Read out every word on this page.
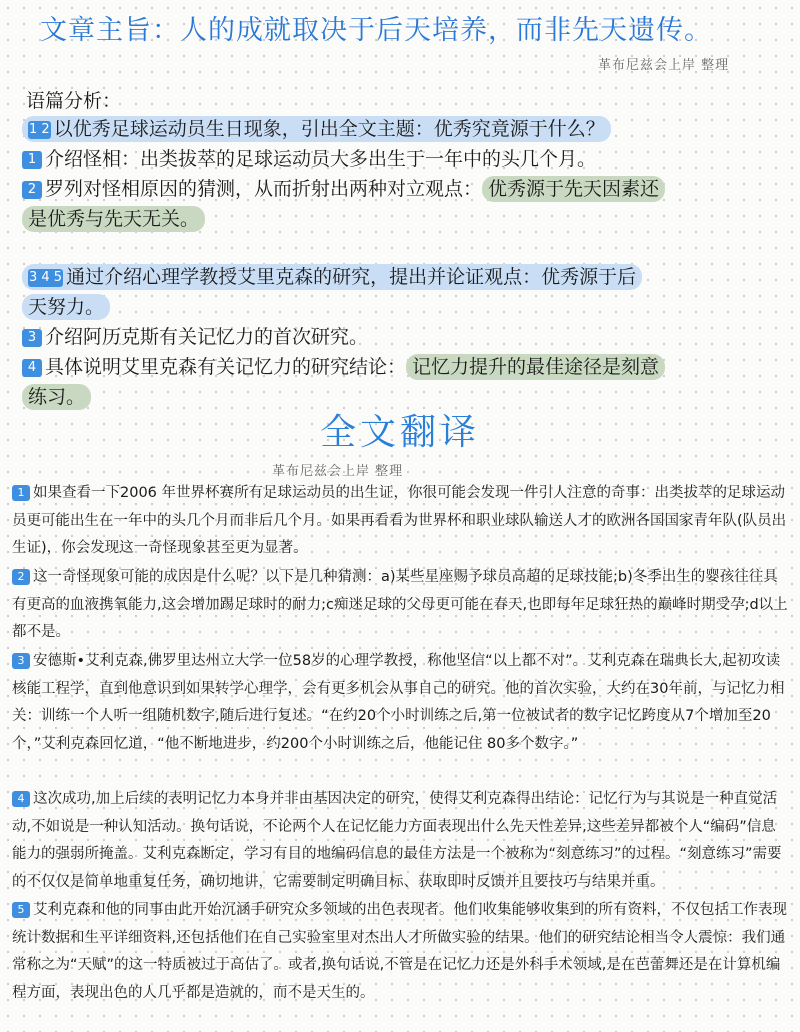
文章主旨：人的成就取决于后天培养，而非先天遗传。
革布尼兹会上岸 整理
语篇分析：
1 2 以优秀足球运动员生日现象，引出全文主题：优秀究竟源于什么？
1 介绍怪相：出类拔萃的足球运动员大多出生于一年中的头几个月。
2 罗列对怪相原因的猜测，从而折射出两种对立观点： 优秀源于先天因素还
是优秀与先天无关。
3 4 5 通过介绍心理学教授艾里克森的研究，提出并论证观点：优秀源于后
天努力。
3 介绍阿历克斯有关记忆力的首次研究。
4 具体说明艾里克森有关记忆力的研究结论： 记忆力提升的最佳途径是刻意
练习。
全文翻译
革布尼兹会上岸 整理

1 如果查看一下2006 年世界杯赛所有足球运动员的出生证，你很可能会发现一件引人注意的奇事：出类拔萃的足球运动员更可能出生在一年中的头几个月而非后几个月。如果再看看为世界杯和职业球队输送人才的欧洲各国国家青年队(队员出生证)，你会发现这一奇怪现象甚至更为显著。

2 这一奇怪现象可能的成因是什么呢？以下是几种猜测：a)某些星座赐予球员高超的足球技能;b)冬季出生的婴孩往往具有更高的血液携氧能力,这会增加踢足球时的耐力;c痴迷足球的父母更可能在春天,也即每年足球狂热的巅峰时期受孕;d以上都不是。

3 安德斯•艾利克森,佛罗里达州立大学一位58岁的心理学教授，称他坚信“以上都不对”。艾利克森在瑞典长大,起初攻读核能工程学，直到他意识到如果转学心理学，会有更多机会从事自己的研究。他的首次实验，大约在30年前，与记忆力相关：训练一个人听一组随机数字,随后进行复述。“在约20个小时训练之后,第一位被试者的数字记忆跨度从7个增加至20个，”艾利克森回忆道，“他不断地进步，约200个小时训练之后，他能记住 80多个数字。”

4 这次成功,加上后续的表明记忆力本身并非由基因决定的研究，使得艾利克森得出结论：记忆行为与其说是一种直觉活动,不如说是一种认知活动。换句话说，不论两个人在记忆能力方面表现出什么先天性差异,这些差异都被个人“编码”信息能力的强弱所掩盖。艾利克森断定，学习有目的地编码信息的最佳方法是一个被称为“刻意练习”的过程。“刻意练习”需要的不仅仅是简单地重复任务，确切地讲，它需要制定明确目标、获取即时反馈并且要技巧与结果并重。

5 艾利克森和他的同事由此开始沉涵手研究众多领域的出色表现者。他们收集能够收集到的所有资料，不仅包括工作表现统计数据和生平详细资料,还包括他们在自己实验室里对杰出人才所做实验的结果。他们的研究结论相当令人震惊：我们通常称之为“天赋”的这一特质被过于高估了。或者,换句话说,不管是在记忆力还是外科手术领域,是在芭蕾舞还是在计算机编程方面，表现出色的人几乎都是造就的，而不是天生的。
